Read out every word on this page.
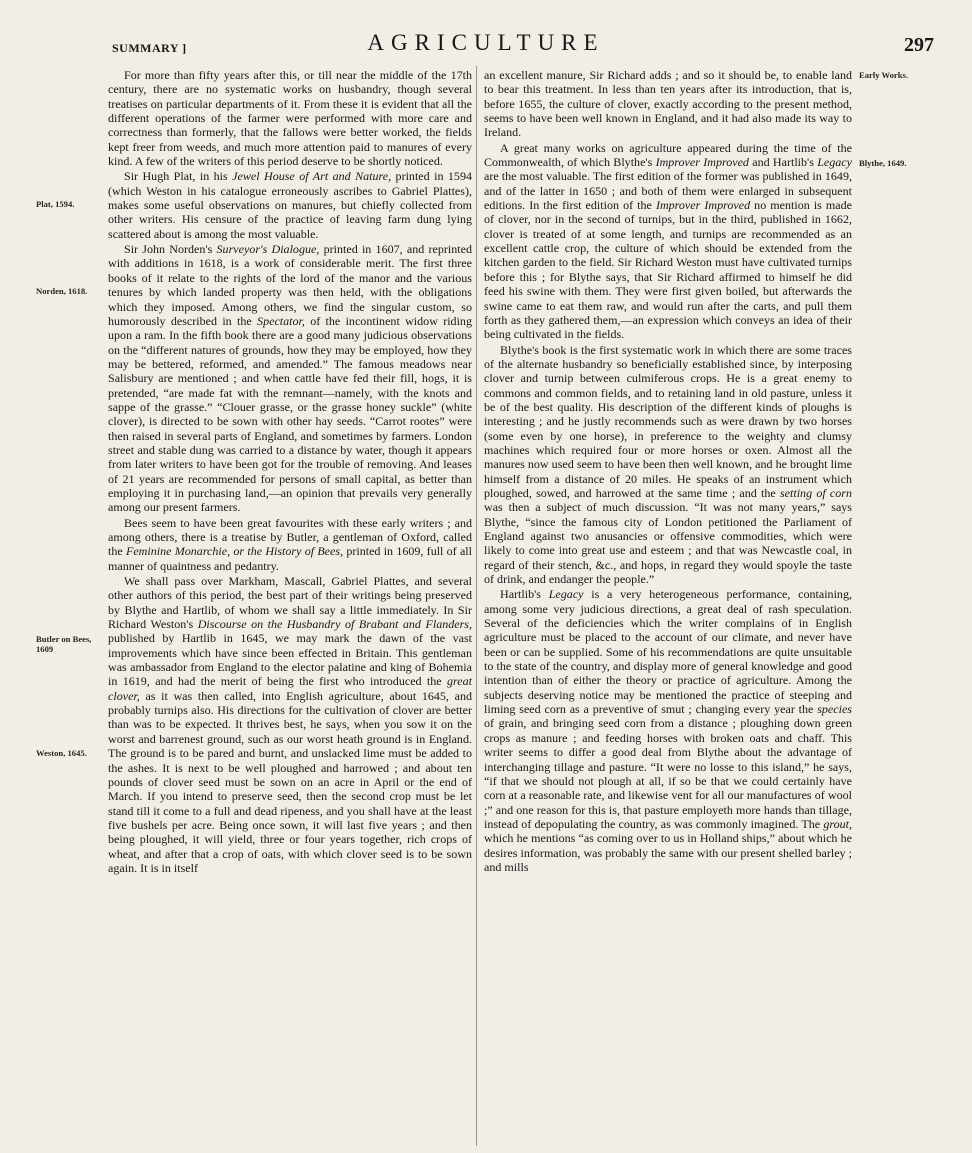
SUMMARY ]	AGRICULTURE	297
Plat, 1594.
Norden, 1618.
Butler on Bees, 1609
Weston, 1645.
Early Works.
Blythe, 1649.

For more than fifty years after this, or till near the middle of the 17th century, there are no systematic works on husbandry, though several treatises on particular departments of it. From these it is evident that all the different operations of the farmer were performed with more care and correctness than formerly, that the fallows were better worked, the fields kept freer from weeds, and much more attention paid to manures of every kind. A few of the writers of this period deserve to be shortly noticed.

Sir Hugh Plat, in his Jewel House of Art and Nature, printed in 1594 (which Weston in his catalogue erroneously ascribes to Gabriel Plattes), makes some useful observations on manures, but chiefly collected from other writers. His censure of the practice of leaving farm dung lying scattered about is among the most valuable.

Sir John Norden's Surveyor's Dialogue, printed in 1607, and reprinted with additions in 1618, is a work of considerable merit. The first three books of it relate to the rights of the lord of the manor and the various tenures by which landed property was then held, with the obligations which they imposed. Among others, we find the singular custom, so humorously described in the Spectator, of the incontinent widow riding upon a ram. In the fifth book there are a good many judicious observations on the “different natures of grounds, how they may be employed, how they may be bettered, reformed, and amended.” The famous meadows near Salisbury are mentioned ; and when cattle have fed their fill, hogs, it is pretended, “are made fat with the remnant—namely, with the knots and sappe of the grasse.” “Clouer grasse, or the grasse honey suckle” (white clover), is directed to be sown with other hay seeds. “Carrot rootes” were then raised in several parts of England, and sometimes by farmers. London street and stable dung was carried to a distance by water, though it appears from later writers to have been got for the trouble of removing. And leases of 21 years are recommended for persons of small capital, as better than employing it in purchasing land,—an opinion that prevails very generally among our present farmers.

Bees seem to have been great favourites with these early writers ; and among others, there is a treatise by Butler, a gentleman of Oxford, called the Feminine Monarchie, or the History of Bees, printed in 1609, full of all manner of quaintness and pedantry.

We shall pass over Markham, Mascall, Gabriel Plattes, and several other authors of this period, the best part of their writings being preserved by Blythe and Hartlib, of whom we shall say a little immediately. In Sir Richard Weston's Discourse on the Husbandry of Brabant and Flanders, published by Hartlib in 1645, we may mark the dawn of the vast improvements which have since been effected in Britain. This gentleman was ambassador from England to the elector palatine and king of Bohemia in 1619, and had the merit of being the first who introduced the great clover, as it was then called, into English agriculture, about 1645, and probably turnips also. His directions for the cultivation of clover are better than was to be expected. It thrives best, he says, when you sow it on the worst and barrenest ground, such as our worst heath ground is in England. The ground is to be pared and burnt, and unslacked lime must be added to the ashes. It is next to be well ploughed and harrowed ; and about ten pounds of clover seed must be sown on an acre in April or the end of March. If you intend to preserve seed, then the second crop must be let stand till it come to a full and dead ripeness, and you shall have at the least five bushels per acre. Being once sown, it will last five years ; and then being ploughed, it will yield, three or four years together, rich crops of wheat, and after that a crop of oats, with which clover seed is to be sown again. It is in itself

an excellent manure, Sir Richard adds ; and so it should be, to enable land to bear this treatment. In less than ten years after its introduction, that is, before 1655, the culture of clover, exactly according to the present method, seems to have been well known in England, and it had also made its way to Ireland.

A great many works on agriculture appeared during the time of the Commonwealth, of which Blythe's Improver Improved and Hartlib's Legacy are the most valuable. The first edition of the former was published in 1649, and of the latter in 1650 ; and both of them were enlarged in subsequent editions. In the first edition of the Improver Improved no mention is made of clover, nor in the second of turnips, but in the third, published in 1662, clover is treated of at some length, and turnips are recommended as an excellent cattle crop, the culture of which should be extended from the kitchen garden to the field. Sir Richard Weston must have cultivated turnips before this ; for Blythe says, that Sir Richard affirmed to himself he did feed his swine with them. They were first given boiled, but afterwards the swine came to eat them raw, and would run after the carts, and pull them forth as they gathered them,—an expression which conveys an idea of their being cultivated in the fields.

Blythe's book is the first systematic work in which there are some traces of the alternate husbandry so beneficially established since, by interposing clover and turnip between culmiferous crops. He is a great enemy to commons and common fields, and to retaining land in old pasture, unless it be of the best quality. His description of the different kinds of ploughs is interesting ; and he justly recommends such as were drawn by two horses (some even by one horse), in preference to the weighty and clumsy machines which required four or more horses or oxen. Almost all the manures now used seem to have been then well known, and he brought lime himself from a distance of 20 miles. He speaks of an instrument which ploughed, sowed, and harrowed at the same time ; and the setting of corn was then a subject of much discussion. “It was not many years,” says Blythe, “since the famous city of London petitioned the Parliament of England against two anusancies or offensive commodities, which were likely to come into great use and esteem ; and that was Newcastle coal, in regard of their stench, &c., and hops, in regard they would spoyle the taste of drink, and endanger the people.”

Hartlib's Legacy is a very heterogeneous performance, containing, among some very judicious directions, a great deal of rash speculation. Several of the deficiencies which the writer complains of in English agriculture must be placed to the account of our climate, and never have been or can be supplied. Some of his recommendations are quite unsuitable to the state of the country, and display more of general knowledge and good intention than of either the theory or practice of agriculture. Among the subjects deserving notice may be mentioned the practice of steeping and liming seed corn as a preventive of smut ; changing every year the species of grain, and bringing seed corn from a distance ; ploughing down green crops as manure ; and feeding horses with broken oats and chaff. This writer seems to differ a good deal from Blythe about the advantage of interchanging tillage and pasture. “It were no losse to this island,” he says, “if that we should not plough at all, if so be that we could certainly have corn at a reasonable rate, and likewise vent for all our manufactures of wool ;” and one reason for this is, that pasture employeth more hands than tillage, instead of depopulating the country, as was commonly imagined. The grout, which he mentions “as coming over to us in Holland ships,” about which he desires information, was probably the same with our present shelled barley ; and mills
